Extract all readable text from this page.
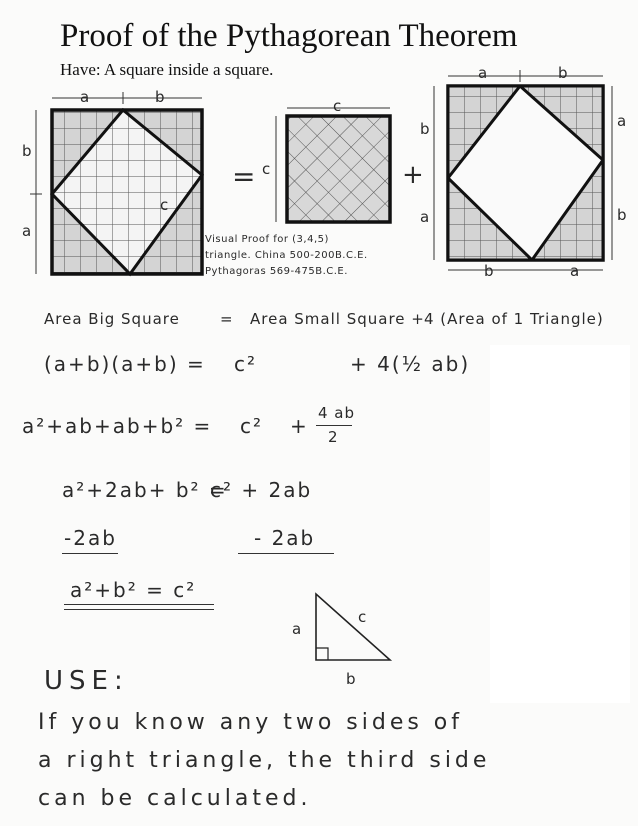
Proof of the Pythagorean Theorem
Have: A square inside a square.
a	b
b
a
c
=
c
c	+
a	b
b
a
a
b
b	a
Visual Proof for (3,4,5)
triangle. China 500-200B.C.E.
Pythagoras 569-475B.C.E.
Area Big Square	= Area Small Square + 4 (Area of 1 Triangle)
(a+b)(a+b) = c²	+ 4(½ ab)
a²+ab+ab+b² = c² +
4 ab
2
a²+2ab+ b² =
c² + 2ab
-2ab	- 2ab
a²+b² = c²
a
c
b
USE:
If you know any two sides of
a right triangle, the third side
can be calculated.
